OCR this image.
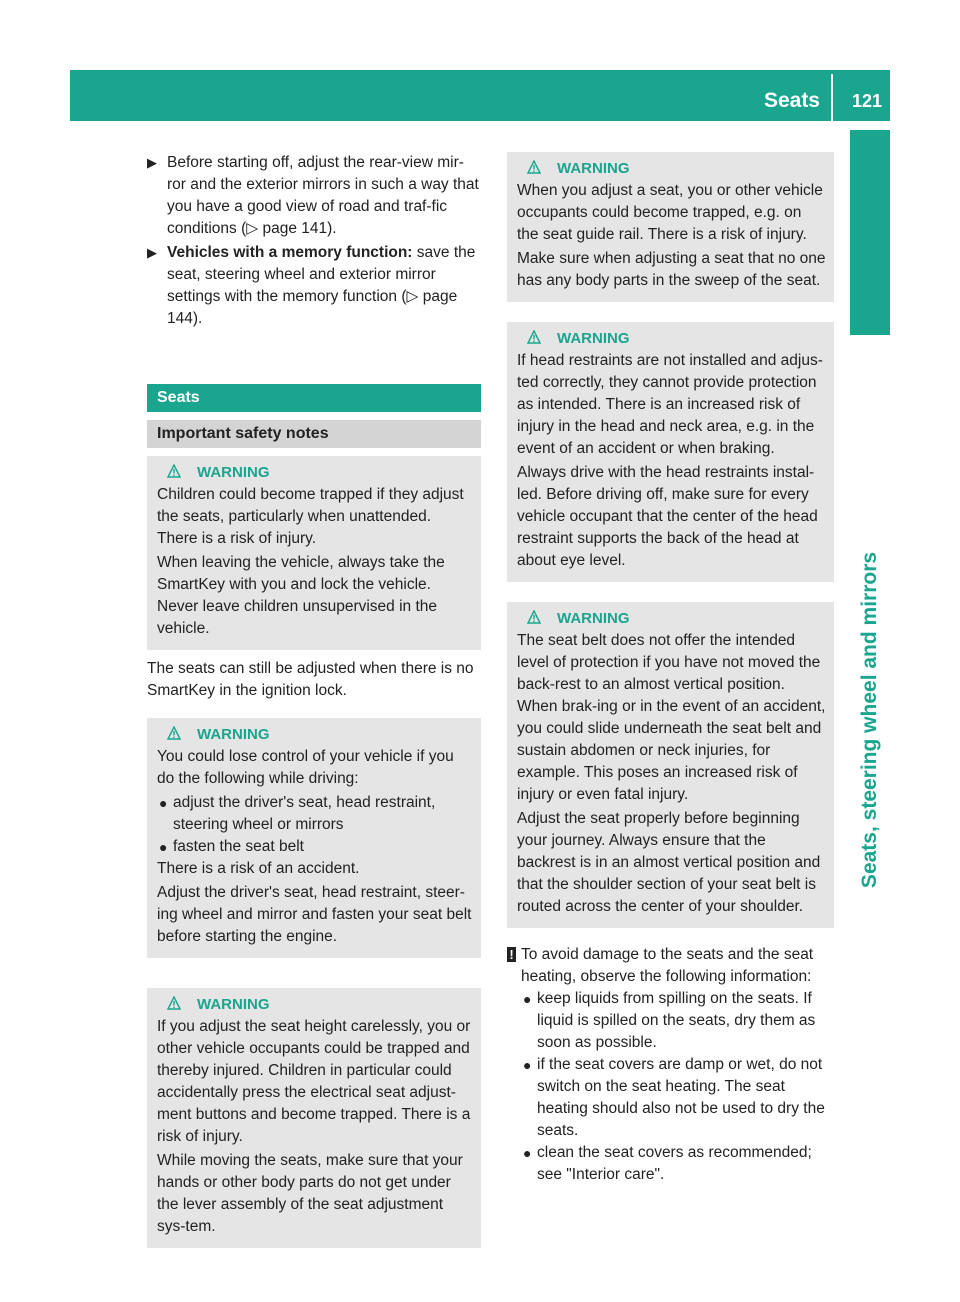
Seats 121
Seats, steering wheel and mirrors
▶ Before starting off, adjust the rear-view mir-ror and the exterior mirrors in such a way that you have a good view of road and traf-fic conditions (▷ page 141).
▶ Vehicles with a memory function: save the seat, steering wheel and exterior mirror settings with the memory function (▷ page 144).
Seats
Important safety notes
WARNING

Children could become trapped if they adjust the seats, particularly when unattended. There is a risk of injury.

When leaving the vehicle, always take the SmartKey with you and lock the vehicle. Never leave children unsupervised in the vehicle.

The seats can still be adjusted when there is no SmartKey in the ignition lock.

WARNING

You could lose control of your vehicle if you do the following while driving:

● adjust the driver's seat, head restraint, steering wheel or mirrors
● fasten the seat belt

There is a risk of an accident.

Adjust the driver's seat, head restraint, steer-ing wheel and mirror and fasten your seat belt before starting the engine.

WARNING

If you adjust the seat height carelessly, you or other vehicle occupants could be trapped and thereby injured. Children in particular could accidentally press the electrical seat adjust-ment buttons and become trapped. There is a risk of injury.

While moving the seats, make sure that your hands or other body parts do not get under the lever assembly of the seat adjustment sys-tem.

WARNING

When you adjust a seat, you or other vehicle occupants could become trapped, e.g. on the seat guide rail. There is a risk of injury.

Make sure when adjusting a seat that no one has any body parts in the sweep of the seat.

WARNING

If head restraints are not installed and adjus-ted correctly, they cannot provide protection as intended. There is an increased risk of injury in the head and neck area, e.g. in the event of an accident or when braking.

Always drive with the head restraints instal-led. Before driving off, make sure for every vehicle occupant that the center of the head restraint supports the back of the head at about eye level.

WARNING

The seat belt does not offer the intended level of protection if you have not moved the back-rest to an almost vertical position. When brak-ing or in the event of an accident, you could slide underneath the seat belt and sustain abdomen or neck injuries, for example. This poses an increased risk of injury or even fatal injury.

Adjust the seat properly before beginning your journey. Always ensure that the backrest is in an almost vertical position and that the shoulder section of your seat belt is routed across the center of your shoulder.

! To avoid damage to the seats and the seat heating, observe the following information:

● keep liquids from spilling on the seats. If liquid is spilled on the seats, dry them as soon as possible.
● if the seat covers are damp or wet, do not switch on the seat heating. The seat heating should also not be used to dry the seats.
● clean the seat covers as recommended; see "Interior care".
